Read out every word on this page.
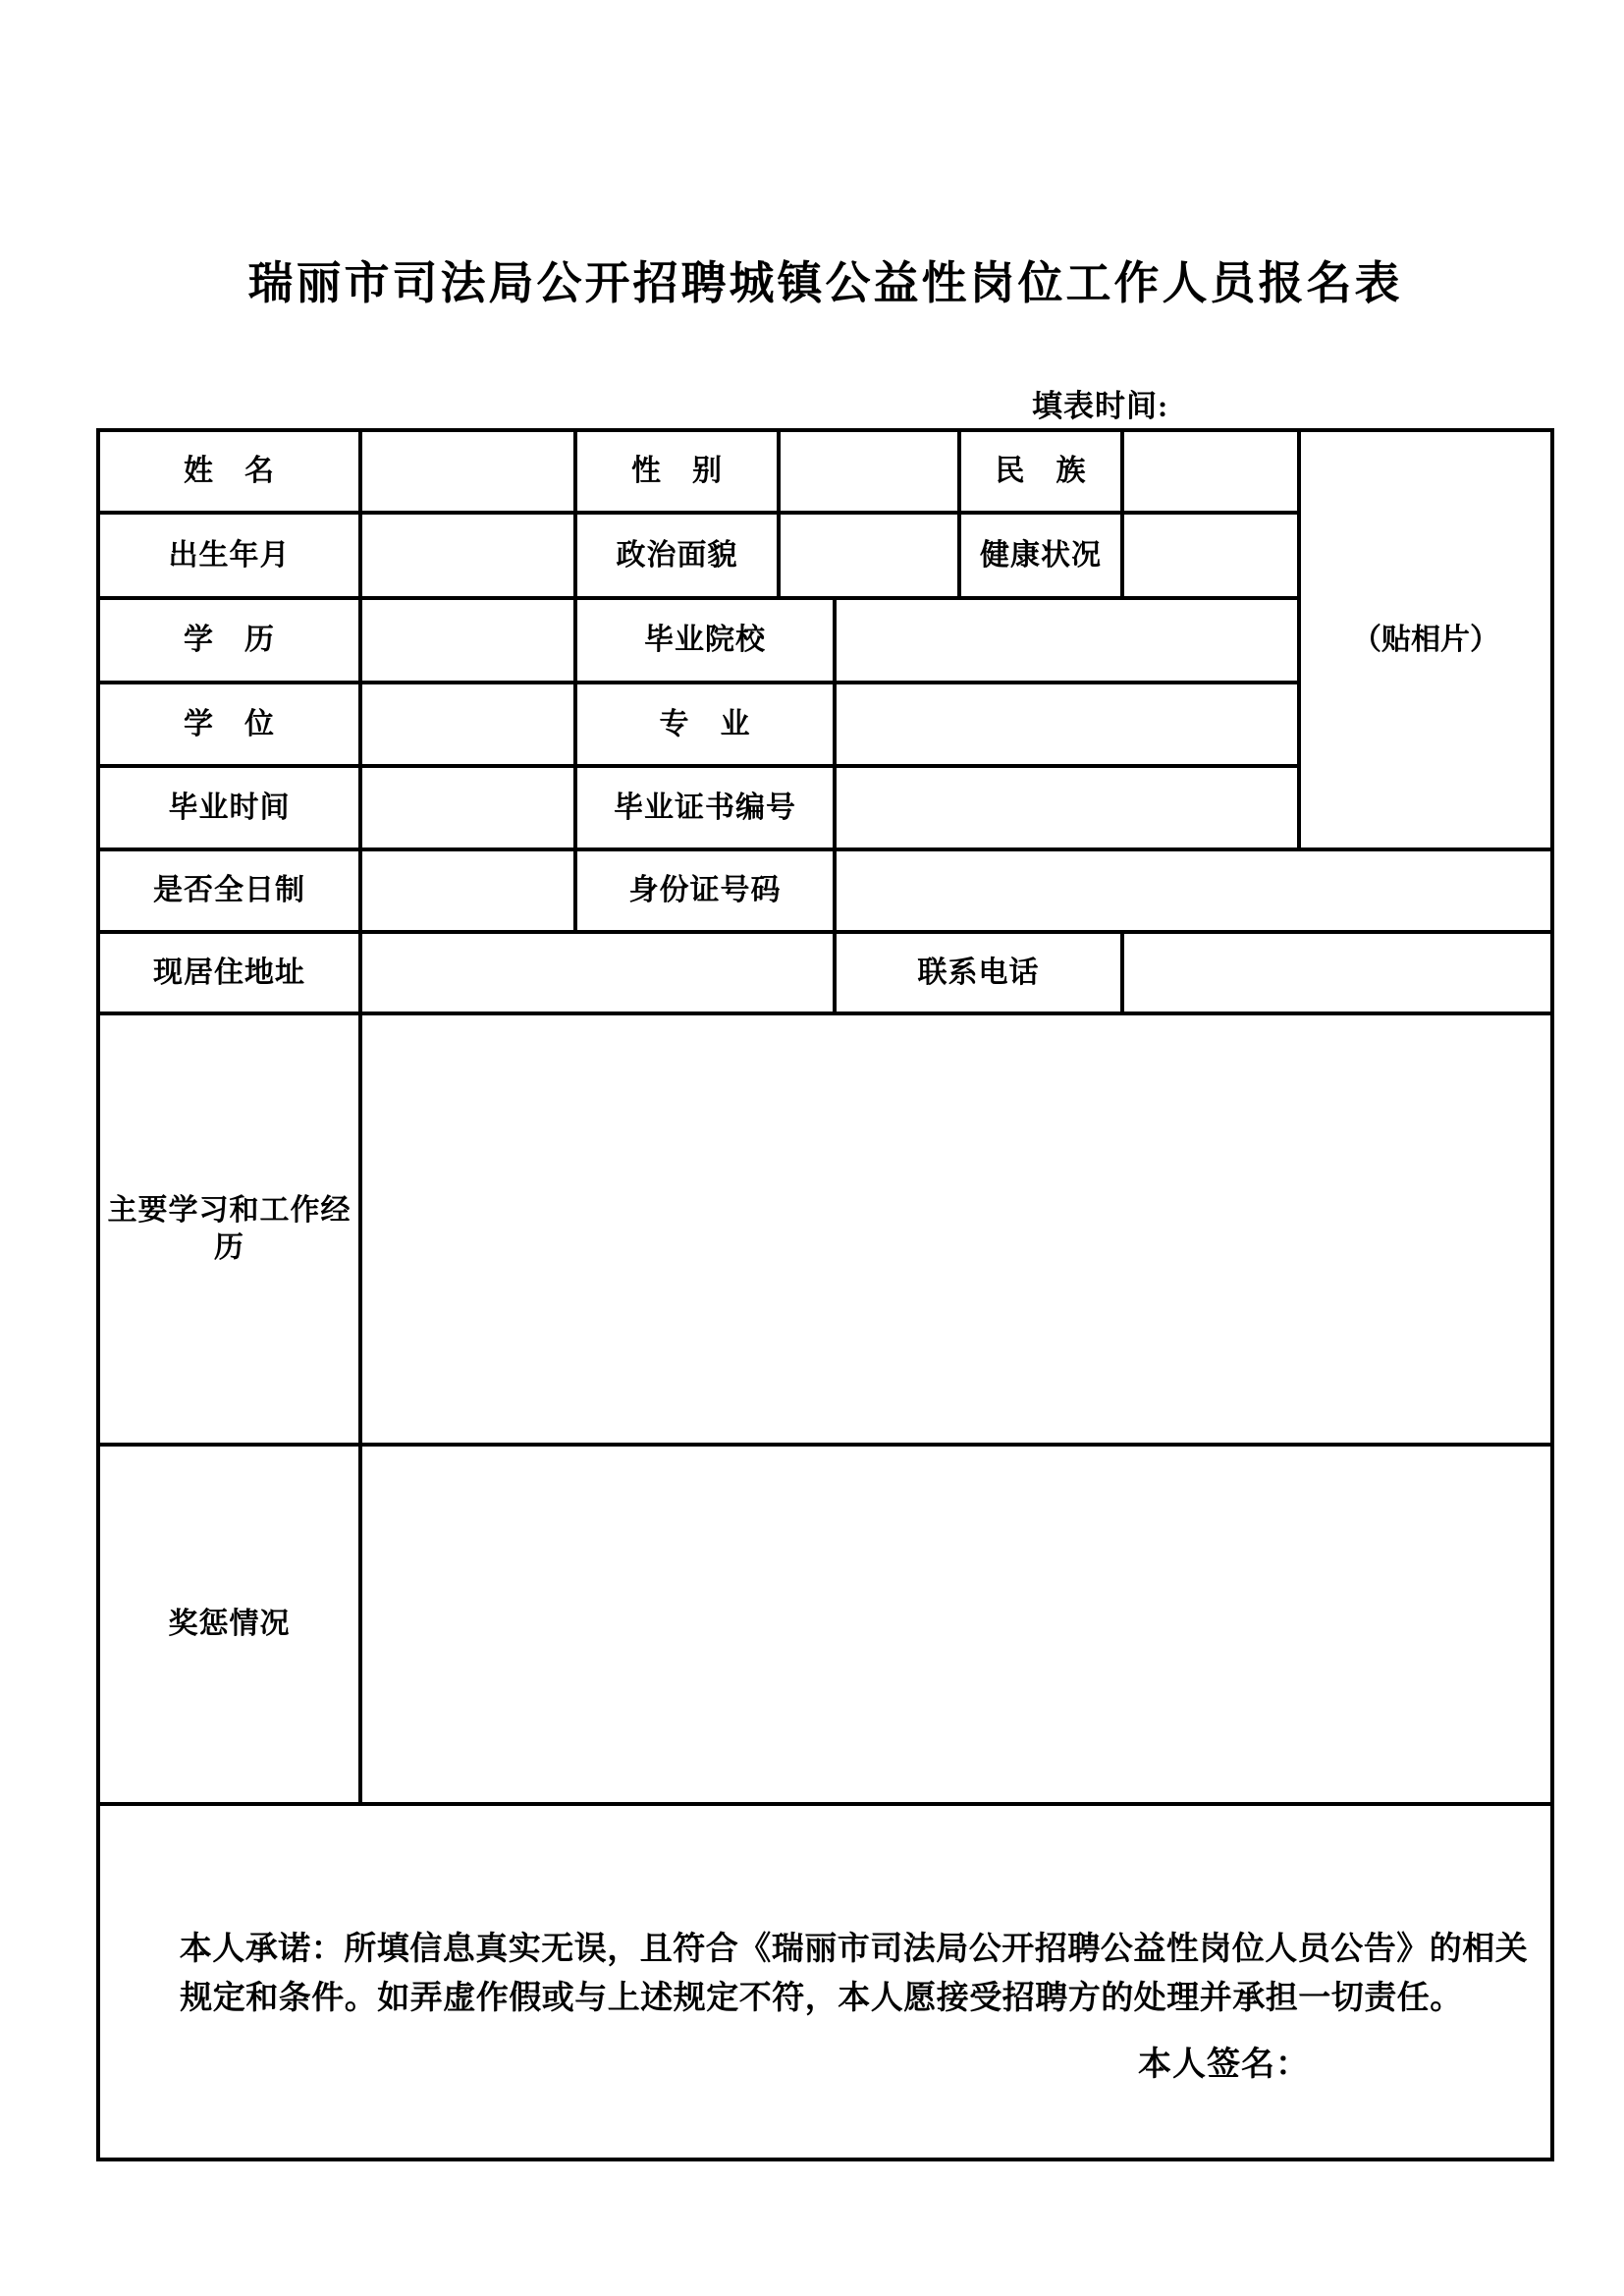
瑞丽市司法局公开招聘城镇公益性岗位工作人员报名表
填表时间:
姓　名		性　别			民　族		（贴相片）
出生年月		政治面貌			健康状况		
学　历		毕业院校					
学　位		专　业					
毕业时间		毕业证书编号					
是否全日制		身份证号码					
现居住地址				联系电话			
主要学习和工作经历							
奖惩情况							

本人承诺：所填信息真实无误，且符合《瑞丽市司法局公开招聘公益性岗位人员公告》的相关规定和条件。如弄虚作假或与上述规定不符，本人愿接受招聘方的处理并承担一切责任。

本人签名：							
